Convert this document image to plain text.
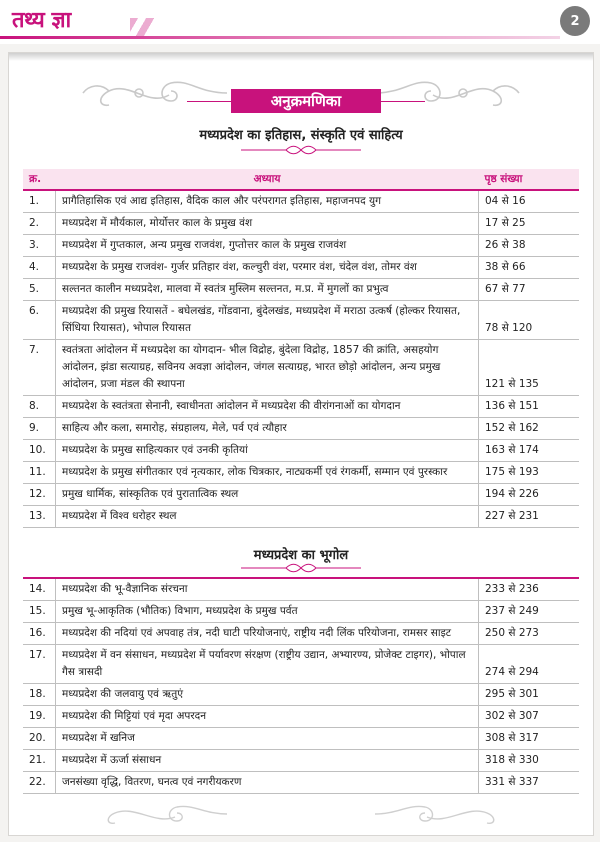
तथ्य ज्ञा	2
अनुक्रमणिका
मध्यप्रदेश का इतिहास, संस्कृति एवं साहित्य
क्र.	अध्याय	पृष्ठ संख्या
1.	प्रागैतिहासिक एवं आद्य इतिहास, वैदिक काल और परंपरागत इतिहास, महाजनपद युग	04 से 16
2.	मध्यप्रदेश में मौर्यकाल, मोर्योत्तर काल के प्रमुख वंश	17 से 25
3.	मध्यप्रदेश में गुप्तकाल, अन्य प्रमुख राजवंश, गुप्तोत्तर काल के प्रमुख राजवंश	26 से 38
4.	मध्यप्रदेश के प्रमुख राजवंश- गुर्जर प्रतिहार वंश, कल्चुरी वंश, परमार वंश, चंदेल वंश, तोमर वंश	38 से 66
5.	सल्तनत कालीन मध्यप्रदेश, मालवा में स्वतंत्र मुस्लिम सल्तनत, म.प्र. में मुगलों का प्रभुत्व	67 से 77
6.	मध्यप्रदेश की प्रमुख रियासतें - बघेलखंड, गोंडवाना, बुंदेलखंड, मध्यप्रदेश में मराठा उत्कर्ष (होल्कर रियासत, सिंधिया रियासत), भोपाल रियासत	78 से 120
7.	स्वतंत्रता आंदोलन में मध्यप्रदेश का योगदान- भील विद्रोह, बुंदेला विद्रोह, 1857 की क्रांति, असहयोग आंदोलन, झंडा सत्याग्रह, सविनय अवज्ञा आंदोलन, जंगल सत्याग्रह, भारत छोड़ो आंदोलन, अन्य प्रमुख आंदोलन, प्रजा मंडल की स्थापना	121 से 135
8.	मध्यप्रदेश के स्वतंत्रता सेनानी, स्वाधीनता आंदोलन में मध्यप्रदेश की वीरांगनाओं का योगदान	136 से 151
9.	साहित्य और कला, समारोह, संग्रहालय, मेले, पर्व एवं त्यौहार	152 से 162
10.	मध्यप्रदेश के प्रमुख साहित्यकार एवं उनकी कृतियां	163 से 174
11.	मध्यप्रदेश के प्रमुख संगीतकार एवं नृत्यकार, लोक चित्रकार, नाट्यकर्मी एवं रंगकर्मी, सम्मान एवं पुरस्कार	175 से 193
12.	प्रमुख धार्मिक, सांस्कृतिक एवं पुरातात्विक स्थल	194 से 226
13.	मध्यप्रदेश में विश्व धरोहर स्थल	227 से 231
मध्यप्रदेश का भूगोल
14.	मध्यप्रदेश की भू-वैज्ञानिक संरचना	233 से 236
15.	प्रमुख भू-आकृतिक (भौतिक) विभाग, मध्यप्रदेश के प्रमुख पर्वत	237 से 249
16.	मध्यप्रदेश की नदियां एवं अपवाह तंत्र, नदी घाटी परियोजनाएं, राष्ट्रीय नदी लिंक परियोजना, रामसर साइट	250 से 273
17.	मध्यप्रदेश में वन संसाधन, मध्यप्रदेश में पर्यावरण संरक्षण (राष्ट्रीय उद्यान, अभ्यारण्य, प्रोजेक्ट टाइगर), भोपाल गैस त्रासदी	274 से 294
18.	मध्यप्रदेश की जलवायु एवं ऋतुएं	295 से 301
19.	मध्यप्रदेश की मिट्टियां एवं मृदा अपरदन	302 से 307
20.	मध्यप्रदेश में खनिज	308 से 317
21.	मध्यप्रदेश में ऊर्जा संसाधन	318 से 330
22.	जनसंख्या वृद्धि, वितरण, घनत्व एवं नगरीयकरण	331 से 337
